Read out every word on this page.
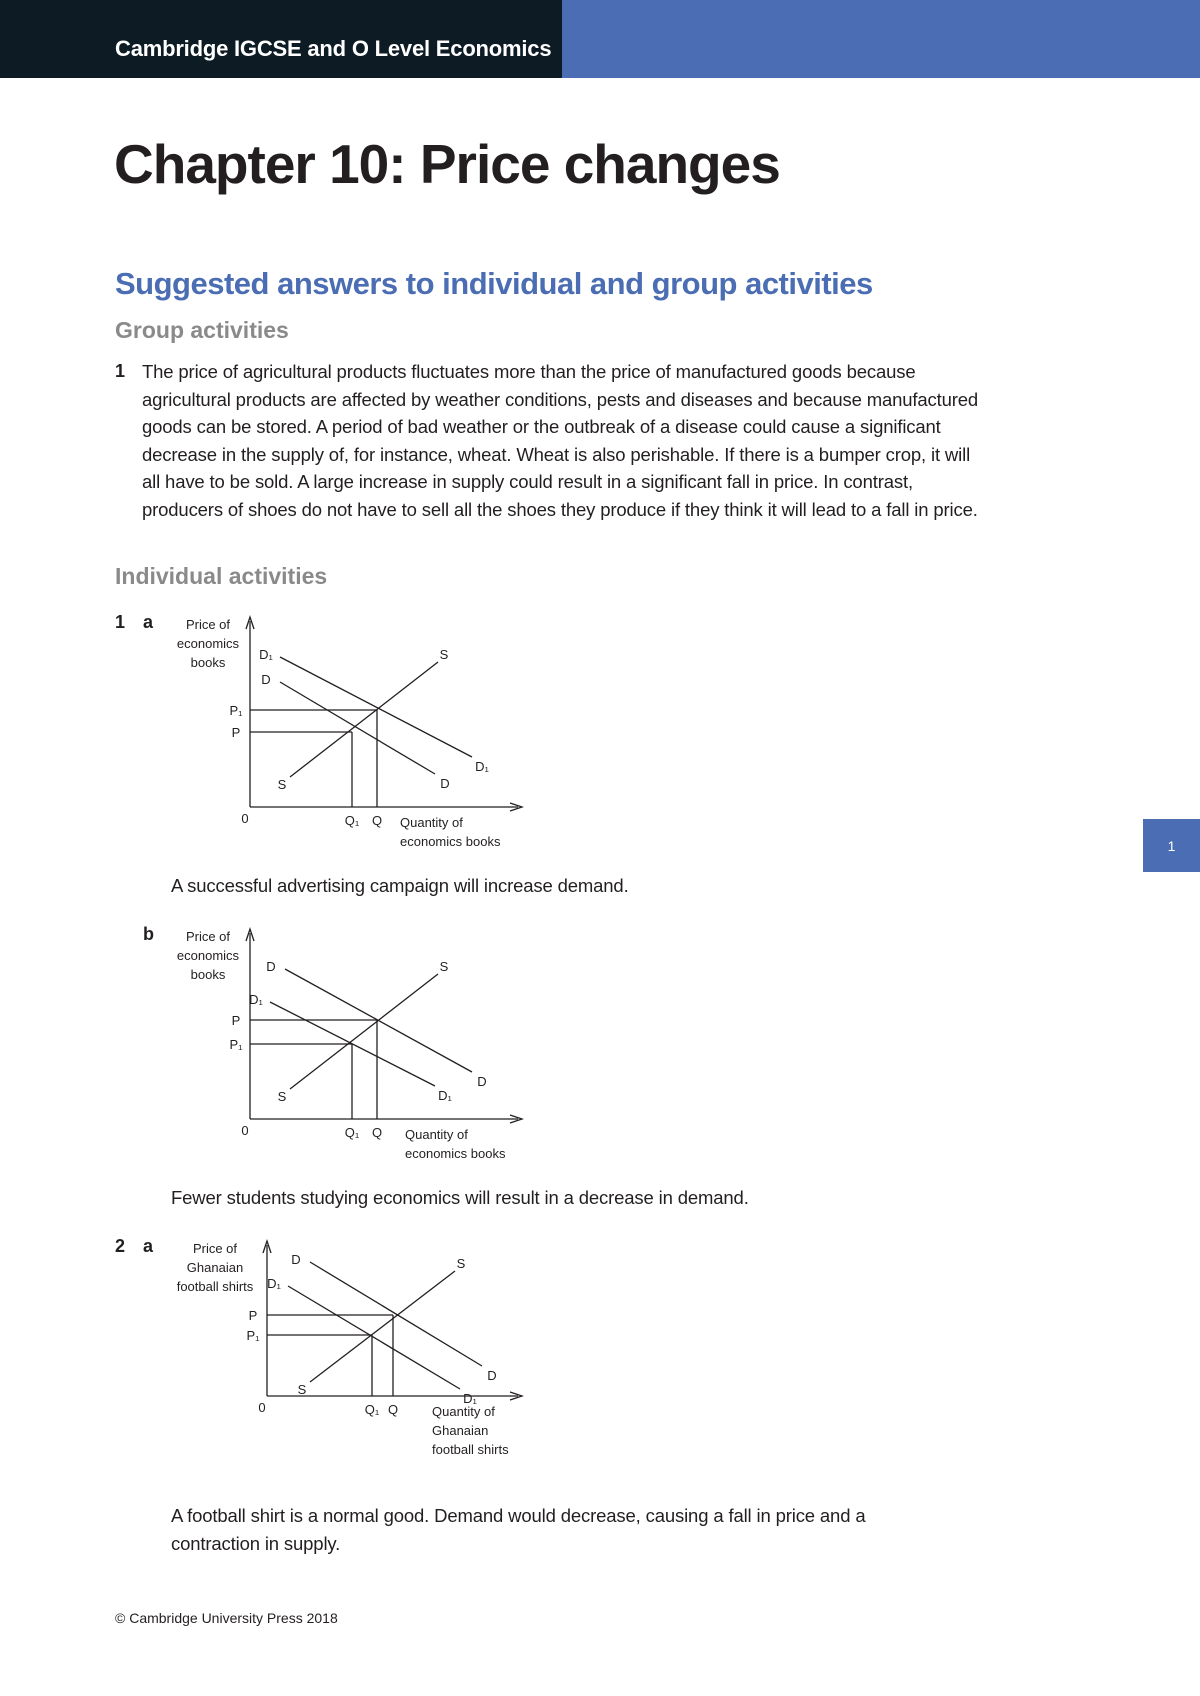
Cambridge IGCSE and O Level Economics
Chapter 10: Price changes
Suggested answers to individual and group activities
Group activities
1 The price of agricultural products fluctuates more than the price of manufactured goods because agricultural products are affected by weather conditions, pests and diseases and because manufactured goods can be stored. A period of bad weather or the outbreak of a disease could cause a significant decrease in the supply of, for instance, wheat. Wheat is also perishable. If there is a bumper crop, it will all have to be sold. A large increase in supply could result in a significant fall in price. In contrast, producers of shoes do not have to sell all the shoes they produce if they think it will lead to a fall in price.

Individual activities
1 a	Price of
economics
books
Quantity of
economics books
0
D₁
D
D₁
D
S
S
P₁
P
Q₁ Q

A successful advertising campaign will increase demand.

b Price of
economics
books
Quantity of
economics books
0
D
D₁
D
D₁
S
S
P
P₁
Q₁ Q

Fewer students studying economics will result in a decrease in demand.

2 a	Price of
Ghanaian
football shirts
Quantity of
Ghanaian
football shirts
0
D
D₁
D
D₁
S
S
P
P₁
Q₁ Q

A football shirt is a normal good. Demand would decrease, causing a fall in price and a
contraction in supply.

1
© Cambridge University Press 2018
